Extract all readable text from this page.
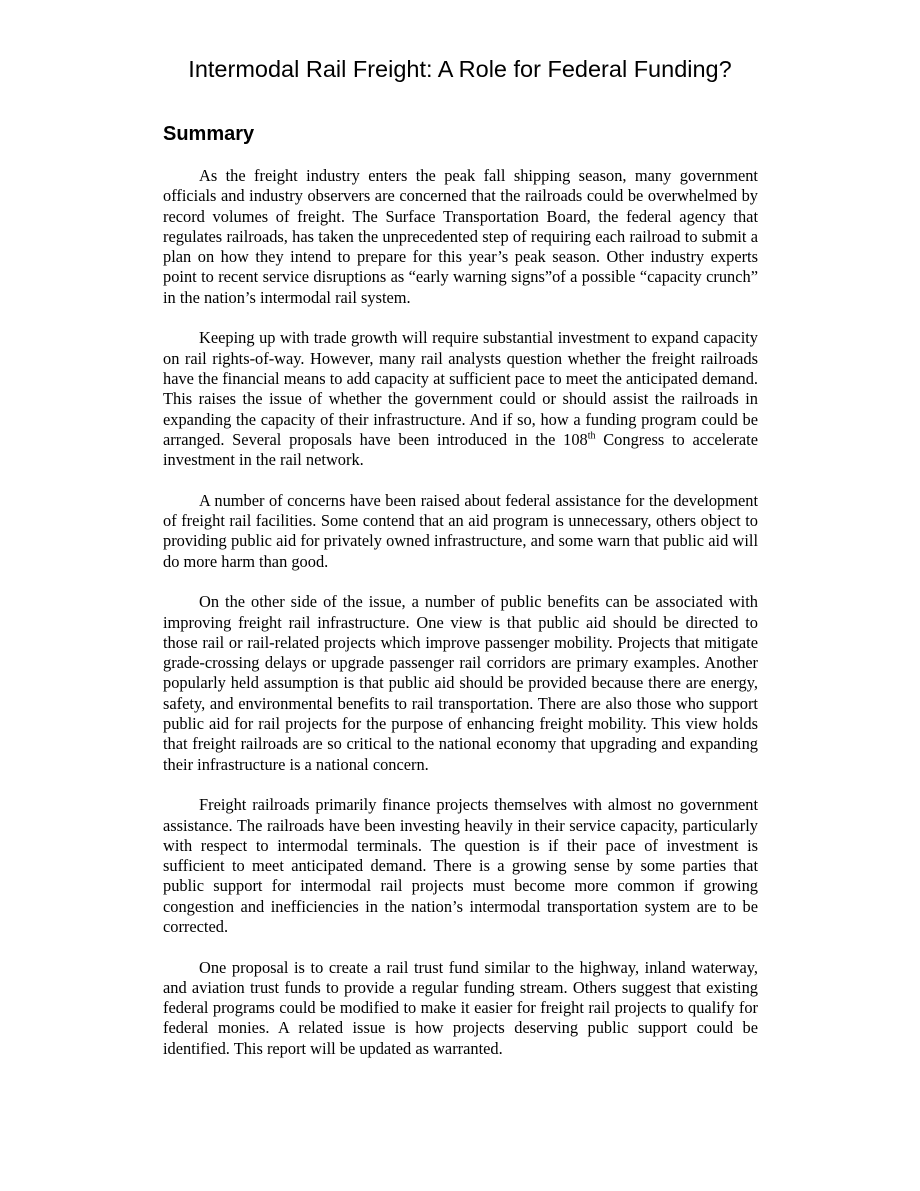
Intermodal Rail Freight: A Role for Federal Funding?
Summary

As the freight industry enters the peak fall shipping season, many government officials and industry observers are concerned that the railroads could be overwhelmed by record volumes of freight. The Surface Transportation Board, the federal agency that regulates railroads, has taken the unprecedented step of requiring each railroad to submit a plan on how they intend to prepare for this year’s peak season. Other industry experts point to recent service disruptions as “early warning signs”of a possible “capacity crunch” in the nation’s intermodal rail system.

Keeping up with trade growth will require substantial investment to expand capacity on rail rights-of-way. However, many rail analysts question whether the freight railroads have the financial means to add capacity at sufficient pace to meet the anticipated demand. This raises the issue of whether the government could or should assist the railroads in expanding the capacity of their infrastructure. And if so, how a funding program could be arranged. Several proposals have been introduced in the 108th Congress to accelerate investment in the rail network.

A number of concerns have been raised about federal assistance for the development of freight rail facilities. Some contend that an aid program is unnecessary, others object to providing public aid for privately owned infrastructure, and some warn that public aid will do more harm than good.

On the other side of the issue, a number of public benefits can be associated with improving freight rail infrastructure. One view is that public aid should be directed to those rail or rail-related projects which improve passenger mobility. Projects that mitigate grade-crossing delays or upgrade passenger rail corridors are primary examples. Another popularly held assumption is that public aid should be provided because there are energy, safety, and environmental benefits to rail transportation. There are also those who support public aid for rail projects for the purpose of enhancing freight mobility. This view holds that freight railroads are so critical to the national economy that upgrading and expanding their infrastructure is a national concern.

Freight railroads primarily finance projects themselves with almost no government assistance. The railroads have been investing heavily in their service capacity, particularly with respect to intermodal terminals. The question is if their pace of investment is sufficient to meet anticipated demand. There is a growing sense by some parties that public support for intermodal rail projects must become more common if growing congestion and inefficiencies in the nation’s intermodal transportation system are to be corrected.

One proposal is to create a rail trust fund similar to the highway, inland waterway, and aviation trust funds to provide a regular funding stream. Others suggest that existing federal programs could be modified to make it easier for freight rail projects to qualify for federal monies. A related issue is how projects deserving public support could be identified. This report will be updated as warranted.
